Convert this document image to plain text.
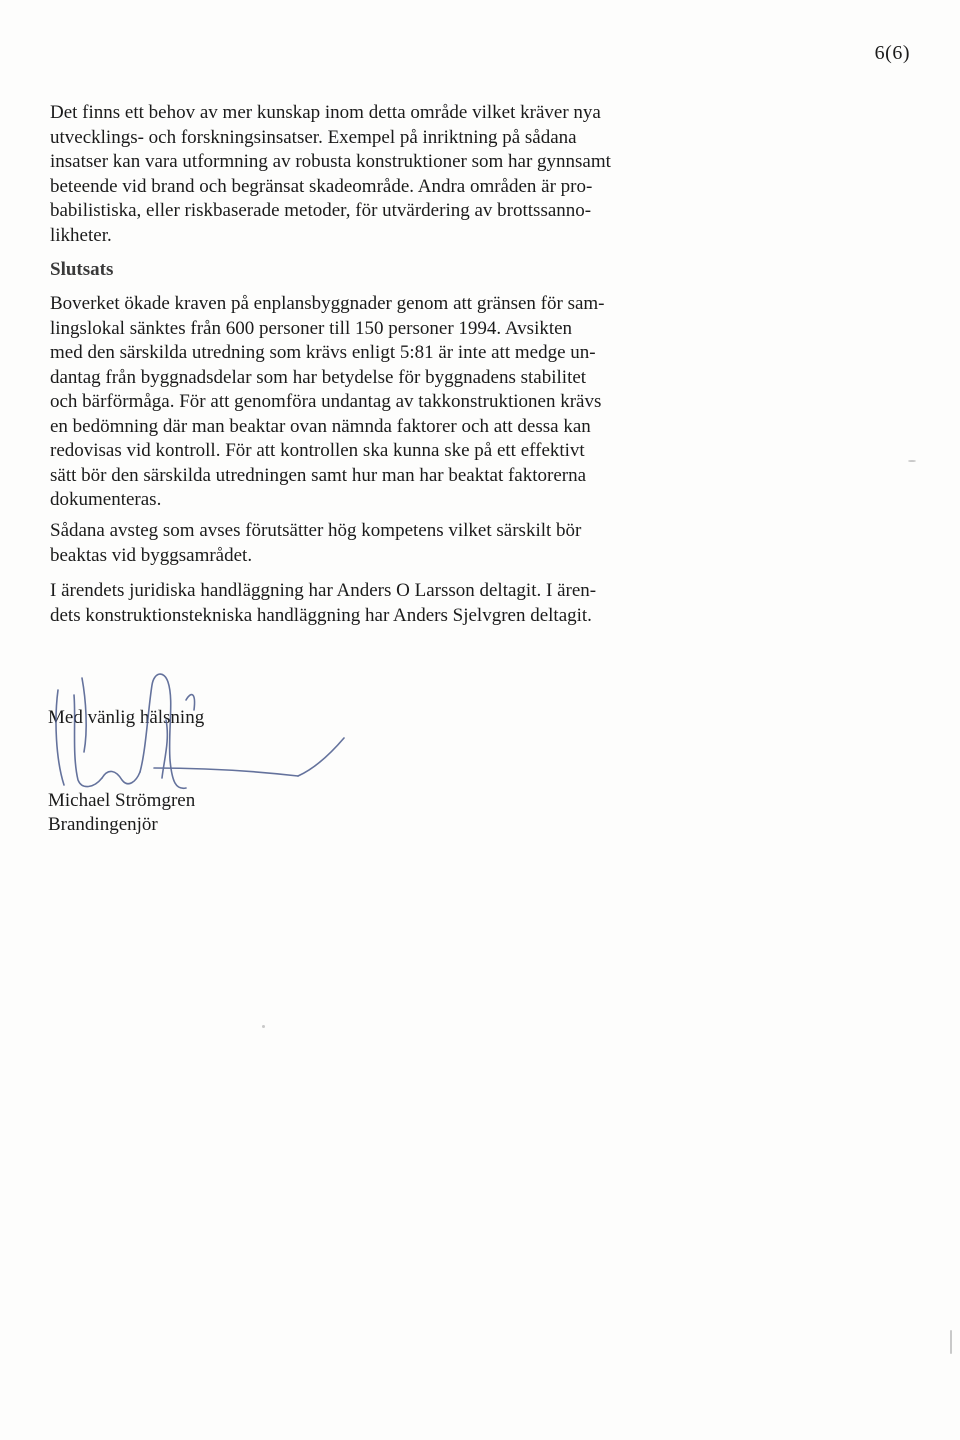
6(6)
Det finns ett behov av mer kunskap inom detta område vilket kräver nya
utvecklings- och forskningsinsatser. Exempel på inriktning på sådana
insatser kan vara utformning av robusta konstruktioner som har gynnsamt
beteende vid brand och begränsat skadeområde. Andra områden är pro-
babilistiska, eller riskbaserade metoder, för utvärdering av brottssanno-
likheter.
Slutsats
Boverket ökade kraven på enplansbyggnader genom att gränsen för sam-
lingslokal sänktes från 600 personer till 150 personer 1994. Avsikten
med den särskilda utredning som krävs enligt 5:81 är inte att medge un-
dantag från byggnadsdelar som har betydelse för byggnadens stabilitet
och bärförmåga. För att genomföra undantag av takkonstruktionen krävs
en bedömning där man beaktar ovan nämnda faktorer och att dessa kan
redovisas vid kontroll. För att kontrollen ska kunna ske på ett effektivt
sätt bör den särskilda utredningen samt hur man har beaktat faktorerna
dokumenteras.
Sådana avsteg som avses förutsätter hög kompetens vilket särskilt bör
beaktas vid byggsamrådet.
I ärendets juridiska handläggning har Anders O Larsson deltagit. I ären-
dets konstruktionstekniska handläggning har Anders Sjelvgren deltagit.
Med vänlig hälsning
Michael Strömgren
Brandingenjör
